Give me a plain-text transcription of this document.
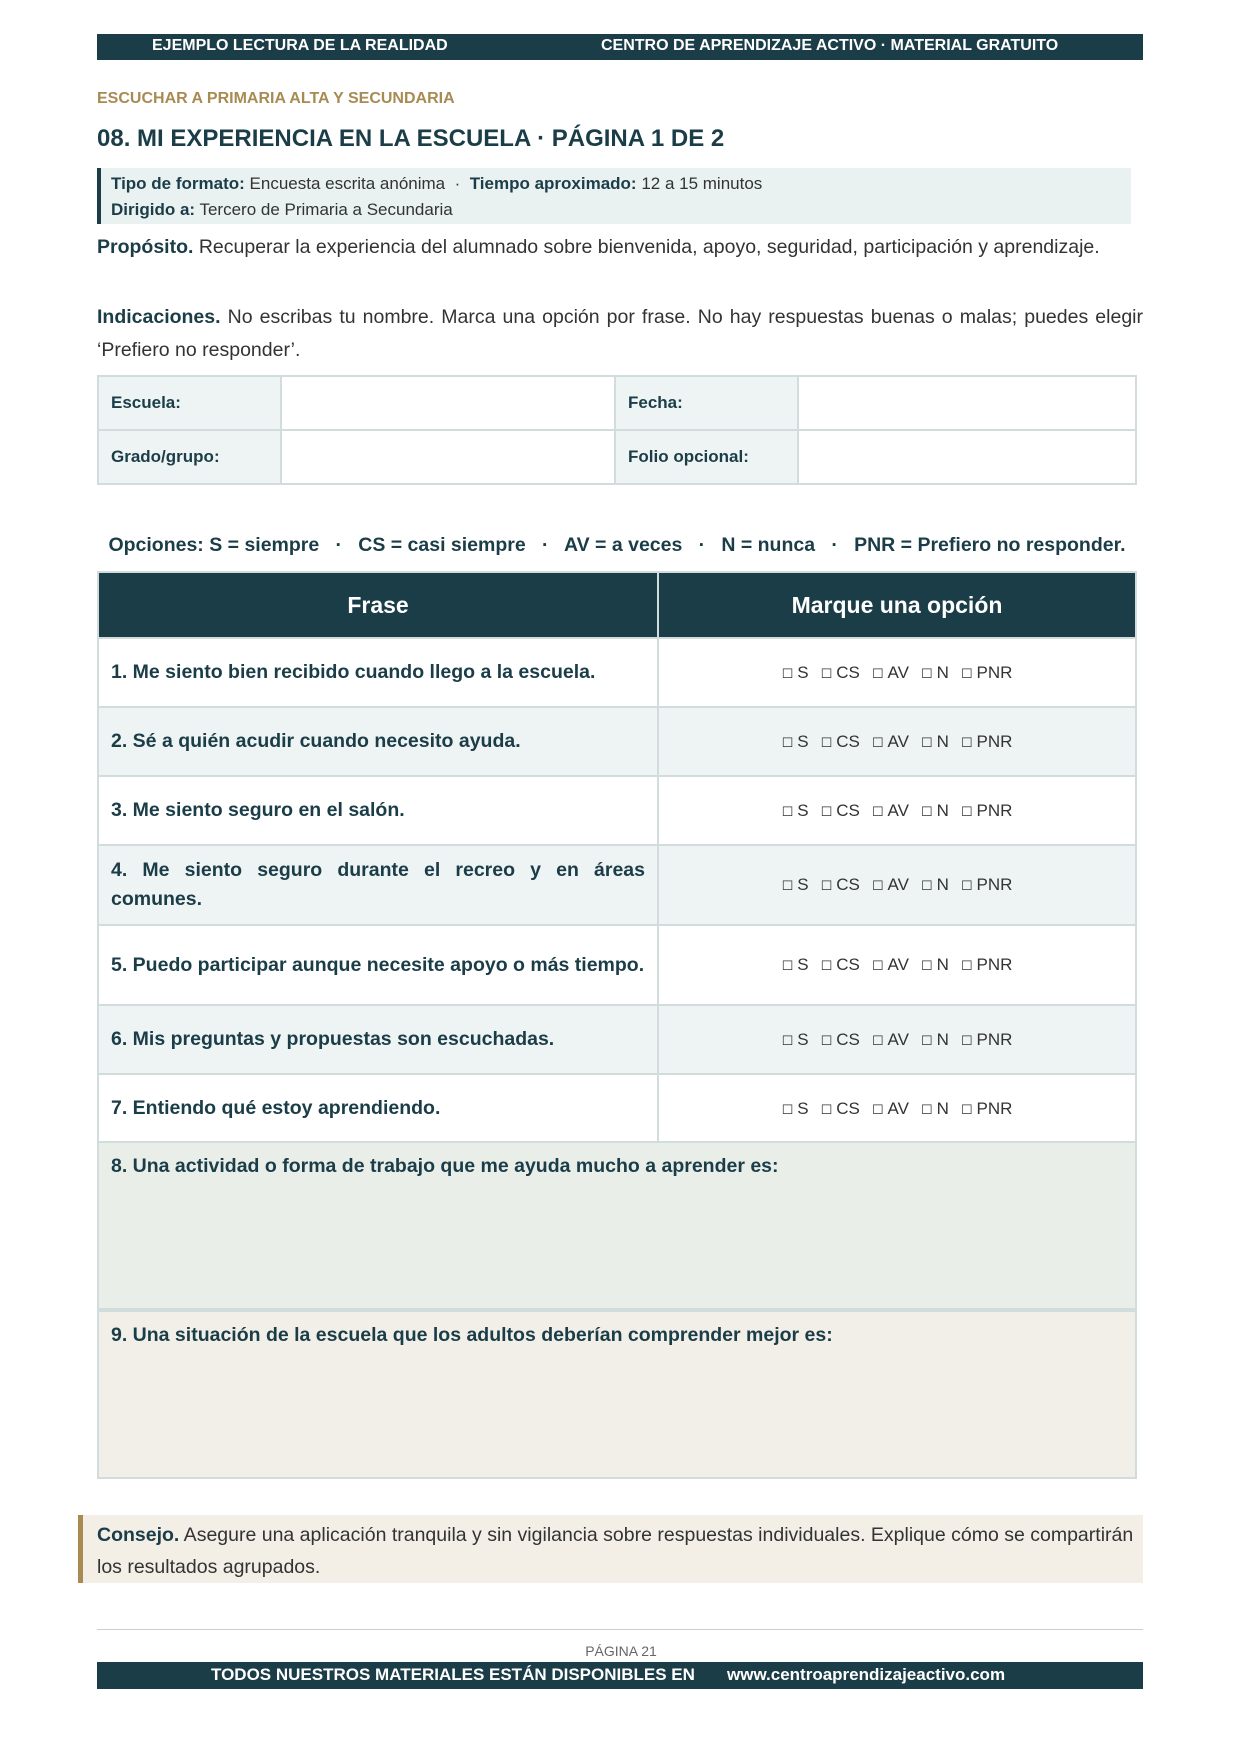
EJEMPLO LECTURA DE LA REALIDAD	CENTRO DE APRENDIZAJE ACTIVO · MATERIAL GRATUITO
ESCUCHAR A PRIMARIA ALTA Y SECUNDARIA
08. MI EXPERIENCIA EN LA ESCUELA · PÁGINA 1 DE 2
Tipo de formato: Encuesta escrita anónima  ·  Tiempo aproximado: 12 a 15 minutos
Dirigido a: Tercero de Primaria a Secundaria
Propósito. Recuperar la experiencia del alumnado sobre bienvenida, apoyo, seguridad, participación y aprendizaje.
Indicaciones. No escribas tu nombre. Marca una opción por frase. No hay respuestas buenas o malas; puedes elegir ‘Prefiero no responder’.
Escuela:		Fecha:	
Grado/grupo:		Folio opcional:	
Opciones: S = siempre   ·   CS = casi siempre   ·   AV = a veces   ·   N = nunca   ·   PNR = Prefiero no responder.
Frase	Marque una opción
1. Me siento bien recibido cuando llego a la escuela.	☐ S ☐ CS ☐ AV ☐ N ☐ PNR
2. Sé a quién acudir cuando necesito ayuda.	☐ S ☐ CS ☐ AV ☐ N ☐ PNR
3. Me siento seguro en el salón.	☐ S ☐ CS ☐ AV ☐ N ☐ PNR
4. Me siento seguro durante el recreo y en áreas comunes.	☐ S ☐ CS ☐ AV ☐ N ☐ PNR
5. Puedo participar aunque necesite apoyo o más tiempo.	☐ S ☐ CS ☐ AV ☐ N ☐ PNR
6. Mis preguntas y propuestas son escuchadas.	☐ S ☐ CS ☐ AV ☐ N ☐ PNR
7. Entiendo qué estoy aprendiendo.	☐ S ☐ CS ☐ AV ☐ N ☐ PNR
8. Una actividad o forma de trabajo que me ayuda mucho a aprender es:
9. Una situación de la escuela que los adultos deberían comprender mejor es:
Consejo. Asegure una aplicación tranquila y sin vigilancia sobre respuestas individuales. Explique cómo se compartirán los resultados agrupados.
PÁGINA 21
TODOS NUESTROS MATERIALES ESTÁN DISPONIBLES EN www.centroaprendizajeactivo.com
